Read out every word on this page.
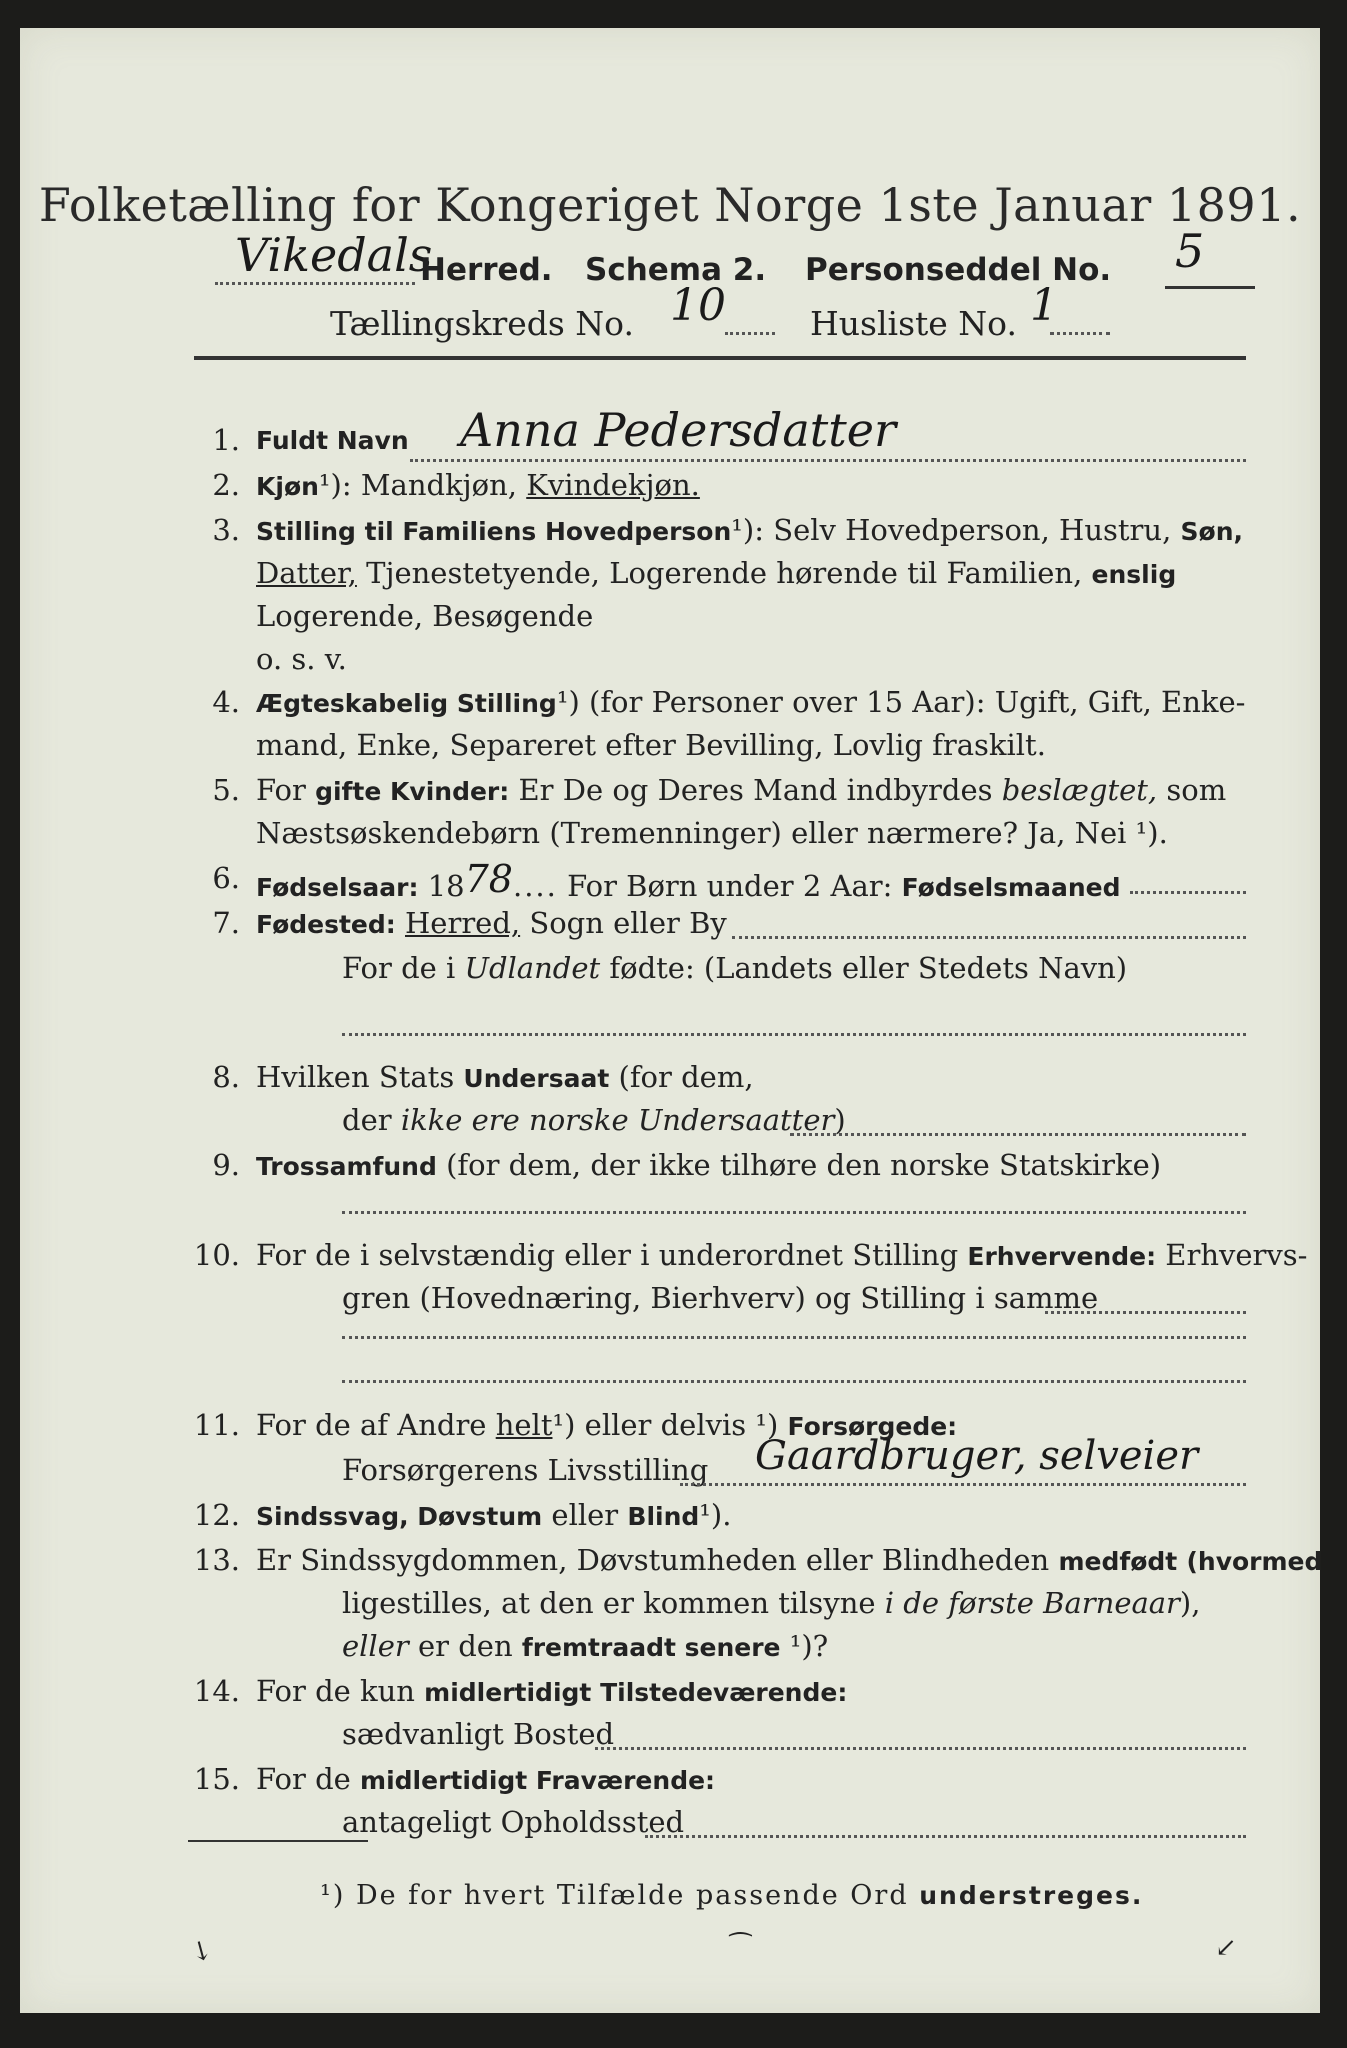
Folketælling for Kongeriget Norge 1ste Januar 1891.
Vikedals
Herred. Schema 2. Personseddel No. 5
Tællingskreds No. 10	Husliste No. 1
1. Fuldt Navn Anna Pedersdatter
2. Kjøn¹): Mandkjøn, Kvindekjøn.
3. Stilling til Familiens Hovedperson¹): Selv Hovedperson, Hustru, Søn,
Datter, Tjenestetyende, Logerende hørende til Familien, enslig
Logerende, Besøgende
o. s. v.
4. Ægteskabelig Stilling¹) (for Personer over 15 Aar): Ugift, Gift, Enke-
mand, Enke, Separeret efter Bevilling, Lovlig fraskilt.
5. For gifte Kvinder: Er De og Deres Mand indbyrdes beslægtet, som
Næstsøskendebørn (Tremenninger) eller nærmere? Ja, Nei ¹).
6. Fødselsaar: 1878.... For Børn under 2 Aar: Fødselsmaaned
7. Fødested: Herred, Sogn eller By
For de i Udlandet fødte: (Landets eller Stedets Navn)
8. Hvilken Stats Undersaat (for dem,
der ikke ere norske Undersaatter)
9. Trossamfund (for dem, der ikke tilhøre den norske Statskirke)
10. For de i selvstændig eller i underordnet Stilling Erhvervende: Erhvervs-
gren (Hovednæring, Bierhverv) og Stilling i samme
11. For de af Andre helt¹) eller delvis ¹) Forsørgede:
Forsørgerens Livsstilling Gaardbruger, selveier
12. Sindssvag, Døvstum eller Blind¹).
13. Er Sindssygdommen, Døvstumheden eller Blindheden medfødt (hvormed
ligestilles, at den er kommen tilsyne i de første Barneaar),
eller er den fremtraadt senere ¹)?
14. For de kun midlertidigt Tilstedeværende:
sædvanligt Bosted
15. For de midlertidigt Fraværende:
antageligt Opholdssted
¹) De for hvert Tilfælde passende Ord understreges.
↘	⁀	↙
